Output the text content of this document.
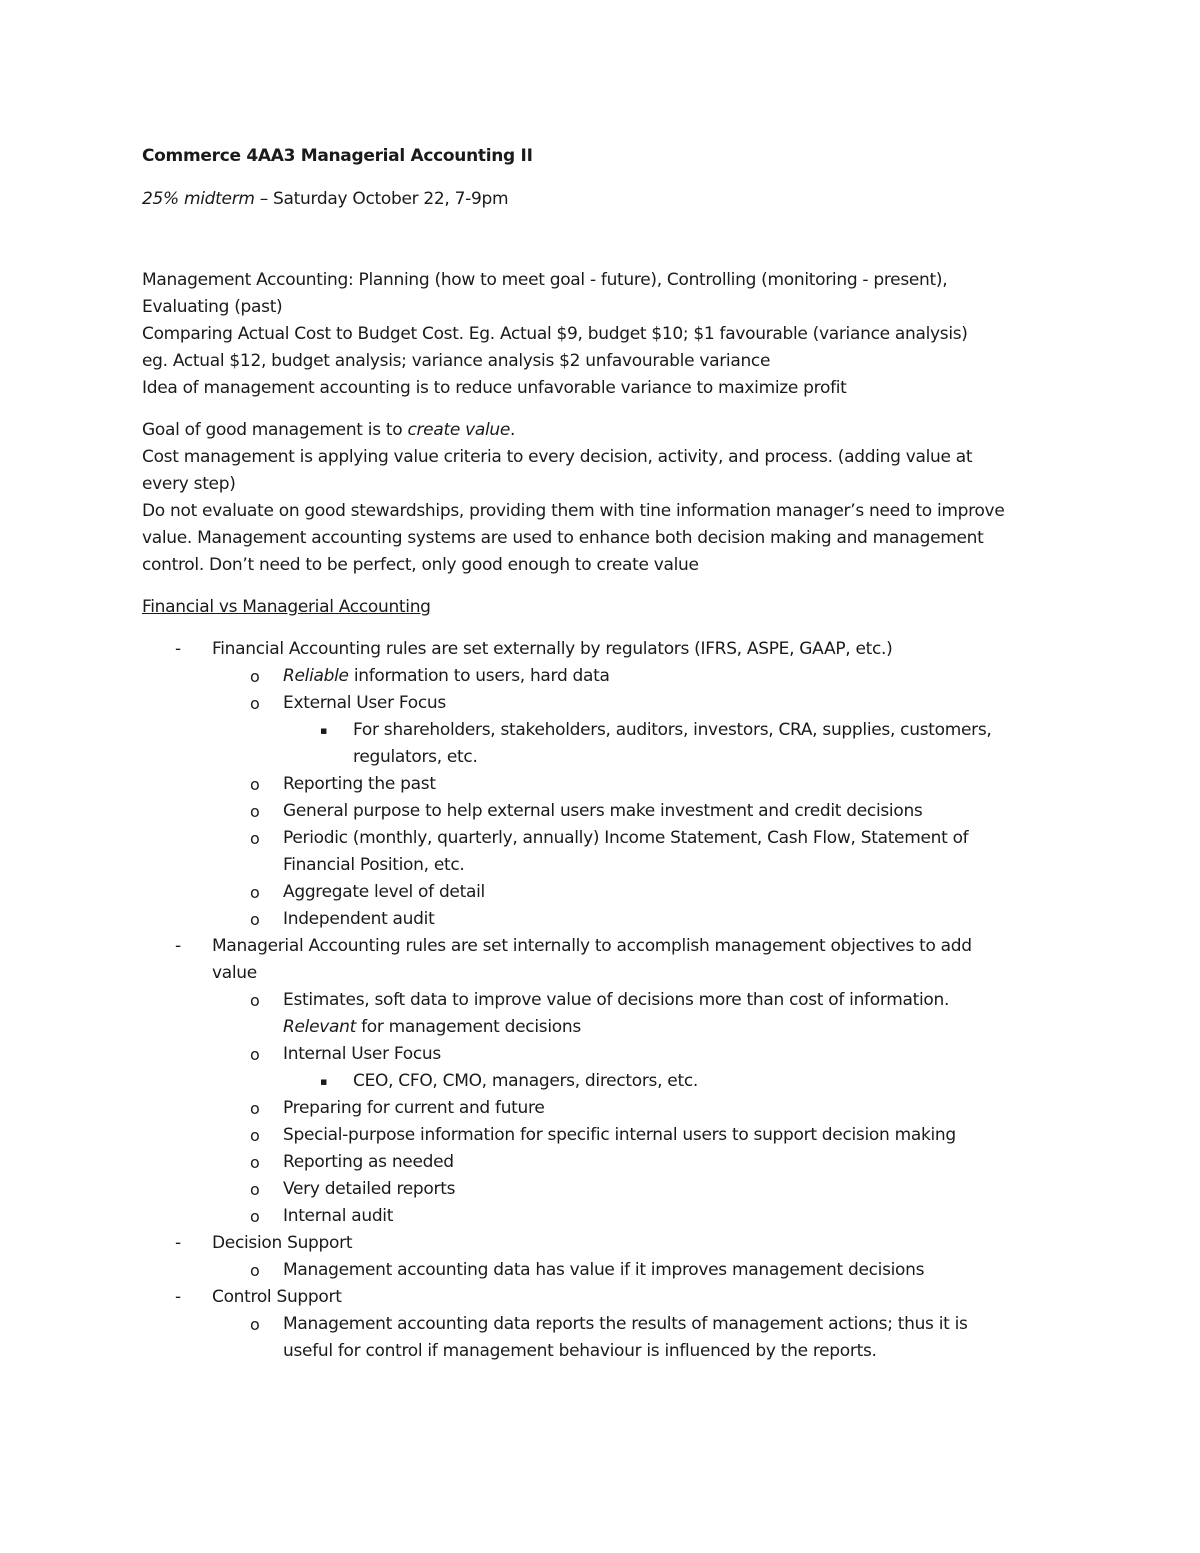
Commerce 4AA3 Managerial Accounting II

25% midterm – Saturday October 22, 7-9pm

Management Accounting: Planning (how to meet goal - future), Controlling (monitoring - present),

Evaluating (past)

Comparing Actual Cost to Budget Cost. Eg. Actual $9, budget $10; $1 favourable (variance analysis)

eg. Actual $12, budget analysis; variance analysis $2 unfavourable variance

Idea of management accounting is to reduce unfavorable variance to maximize profit

Goal of good management is to create value.

Cost management is applying value criteria to every decision, activity, and process. (adding value at

every step)

Do not evaluate on good stewardships, providing them with tine information manager’s need to improve

value. Management accounting systems are used to enhance both decision making and management

control. Don’t need to be perfect, only good enough to create value

Financial vs Managerial Accounting

- Financial Accounting rules are set externally by regulators (IFRS, ASPE, GAAP, etc.)

o Reliable information to users, hard data

o External User Focus

▪ For shareholders, stakeholders, auditors, investors, CRA, supplies, customers,

regulators, etc.

o Reporting the past

o General purpose to help external users make investment and credit decisions

o Periodic (monthly, quarterly, annually) Income Statement, Cash Flow, Statement of

Financial Position, etc.

o Aggregate level of detail

o Independent audit

- Managerial Accounting rules are set internally to accomplish management objectives to add

value

o Estimates, soft data to improve value of decisions more than cost of information.

Relevant for management decisions

o Internal User Focus

▪ CEO, CFO, CMO, managers, directors, etc.

o Preparing for current and future

o Special-purpose information for specific internal users to support decision making

o Reporting as needed

o Very detailed reports

o Internal audit

- Decision Support

o Management accounting data has value if it improves management decisions

- Control Support

o Management accounting data reports the results of management actions; thus it is

useful for control if management behaviour is influenced by the reports.
